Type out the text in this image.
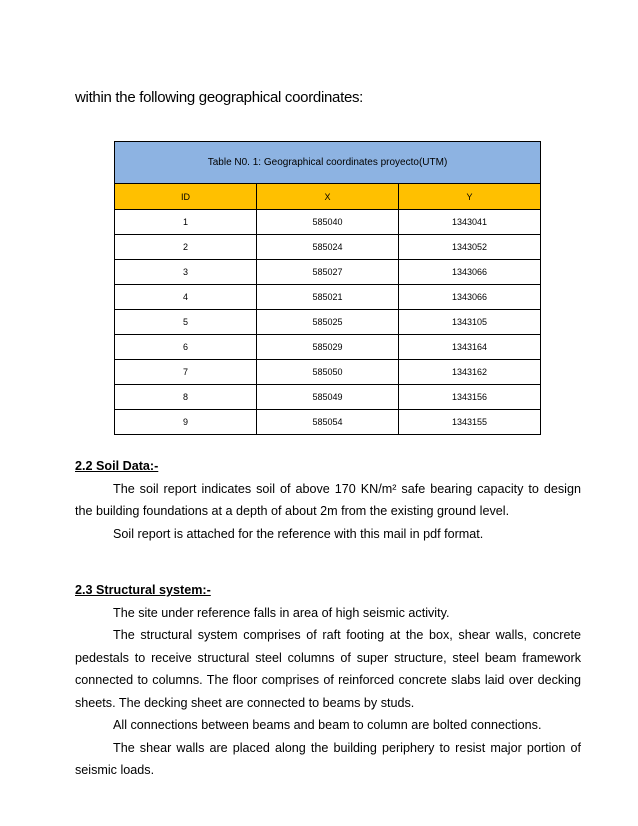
within the following geographical coordinates:
Table N0. 1: Geographical coordinates proyecto(UTM)		
ID	X	Y
1	585040	1343041
2	585024	1343052
3	585027	1343066
4	585021	1343066
5	585025	1343105
6	585029	1343164
7	585050	1343162
8	585049	1343156
9	585054	1343155
2.2 Soil Data:-

The soil report indicates soil of above 170 KN/m² safe bearing capacity to design the building foundations at a depth of about 2m from the existing ground level.

Soil report is attached for the reference with this mail in pdf format.

2.3 Structural system:-

The site under reference falls in area of high seismic activity.

The structural system comprises of raft footing at the box, shear walls, concrete pedestals to receive structural steel columns of super structure, steel beam framework connected to columns. The floor comprises of reinforced concrete slabs laid over decking sheets. The decking sheet are connected to beams by studs.

All connections between beams and beam to column are bolted connections.

The shear walls are placed along the building periphery to resist major portion of seismic loads.
